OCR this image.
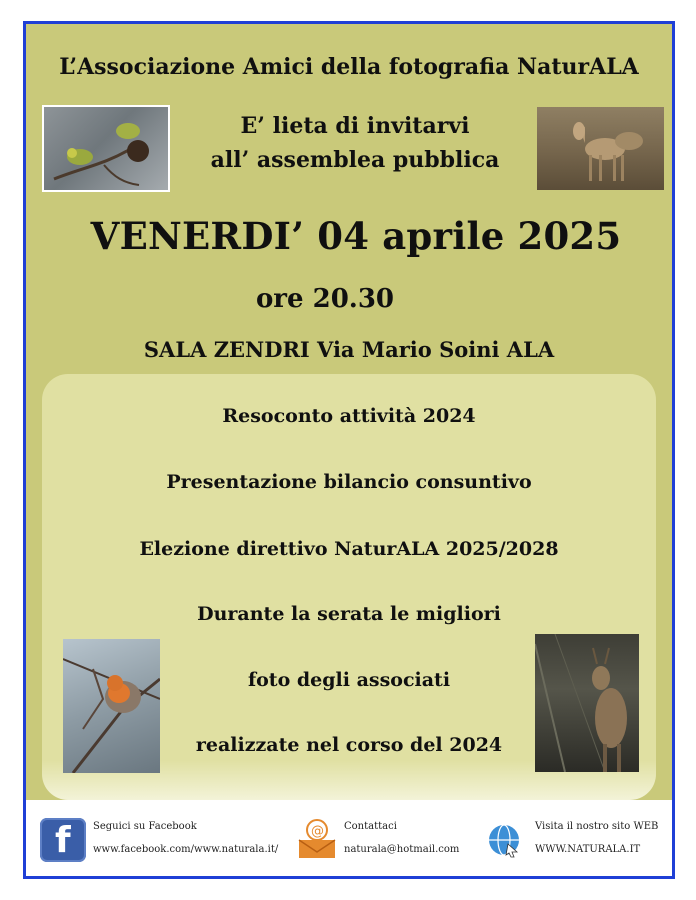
L’Associazione Amici della fotografia NaturALA
E’ lieta di invitarvi
all’ assemblea pubblica
VENERDI’ 04 aprile 2025
ore 20.30
SALA ZENDRI Via Mario Soini ALA
Resoconto attività 2024
Presentazione bilancio consuntivo
Elezione direttivo NaturALA 2025/2028
Durante la serata le migliori
foto degli associati
realizzate nel corso del 2024
f Seguici su Facebook
www.facebook.com/www.naturala.it/
@ Contattaci
naturala@hotmail.com
Visita il nostro sito WEB
WWW.NATURALA.IT
